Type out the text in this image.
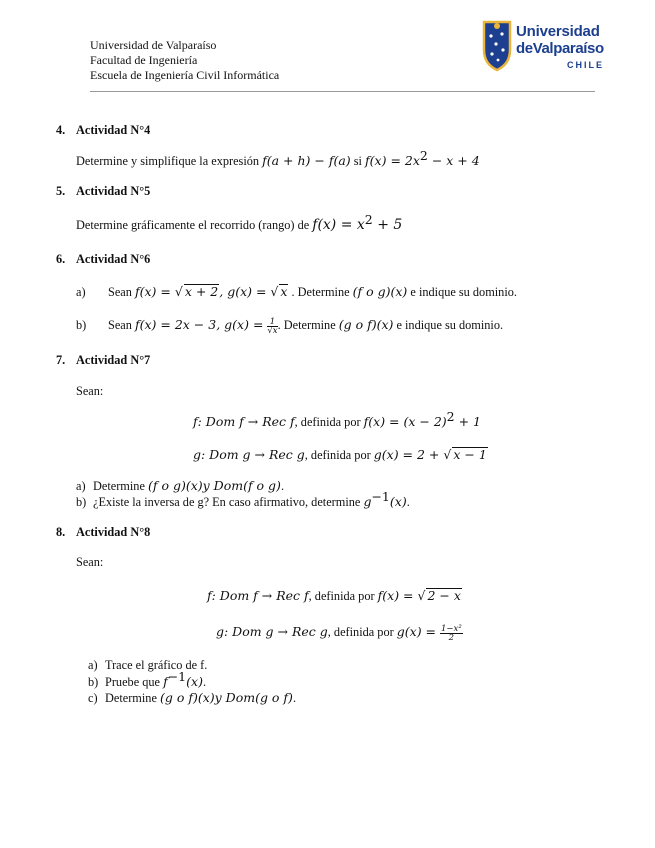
Universidad de Valparaíso
Facultad de Ingeniería
Escuela de Ingeniería Civil Informática
Universidad
deValparaíso
CHILE
4. Actividad N°4
Determine y simplifique la expresión f(a + h) − f(a) si $f(x) = 2x^2 - x + 4$
5. Actividad N°5
Determine gráficamente el recorrido (rango) de $f(x) = x^2 + 5$
6. Actividad N°6
a) Sean f(x) = √ x + 2, g(x) = √ x . Determine (f o g)(x) e indique su dominio.
b) Sean f(x) = 2x − 3, $g(x) = \frac{1}{√x}$ . Determine (g o f)(x) e indique su dominio.
7. Actividad N°7
Sean:
f: Dom f → Rec f, definida por $f(x) = (x - 2)^2 + 1$
g: Dom g → Rec g, definida por g(x) = 2 + √ x − 1
a) Determine (f o g)(x)y Dom(f o g).
b) ¿Existe la inversa de g? En caso afirmativo, determine $g^{-1}(x)$.
8. Actividad N°8
Sean:
f: Dom f → Rec f, definida por f(x) = √ 2 − x
g: Dom g → Rec g, definida por $g(x) = \frac{\text{1−x²}}{2}$
a) Trace el gráfico de f.
b) Pruebe que $f^{-1}(x)$.
c) Determine (g o f)(x)y Dom(g o f).
